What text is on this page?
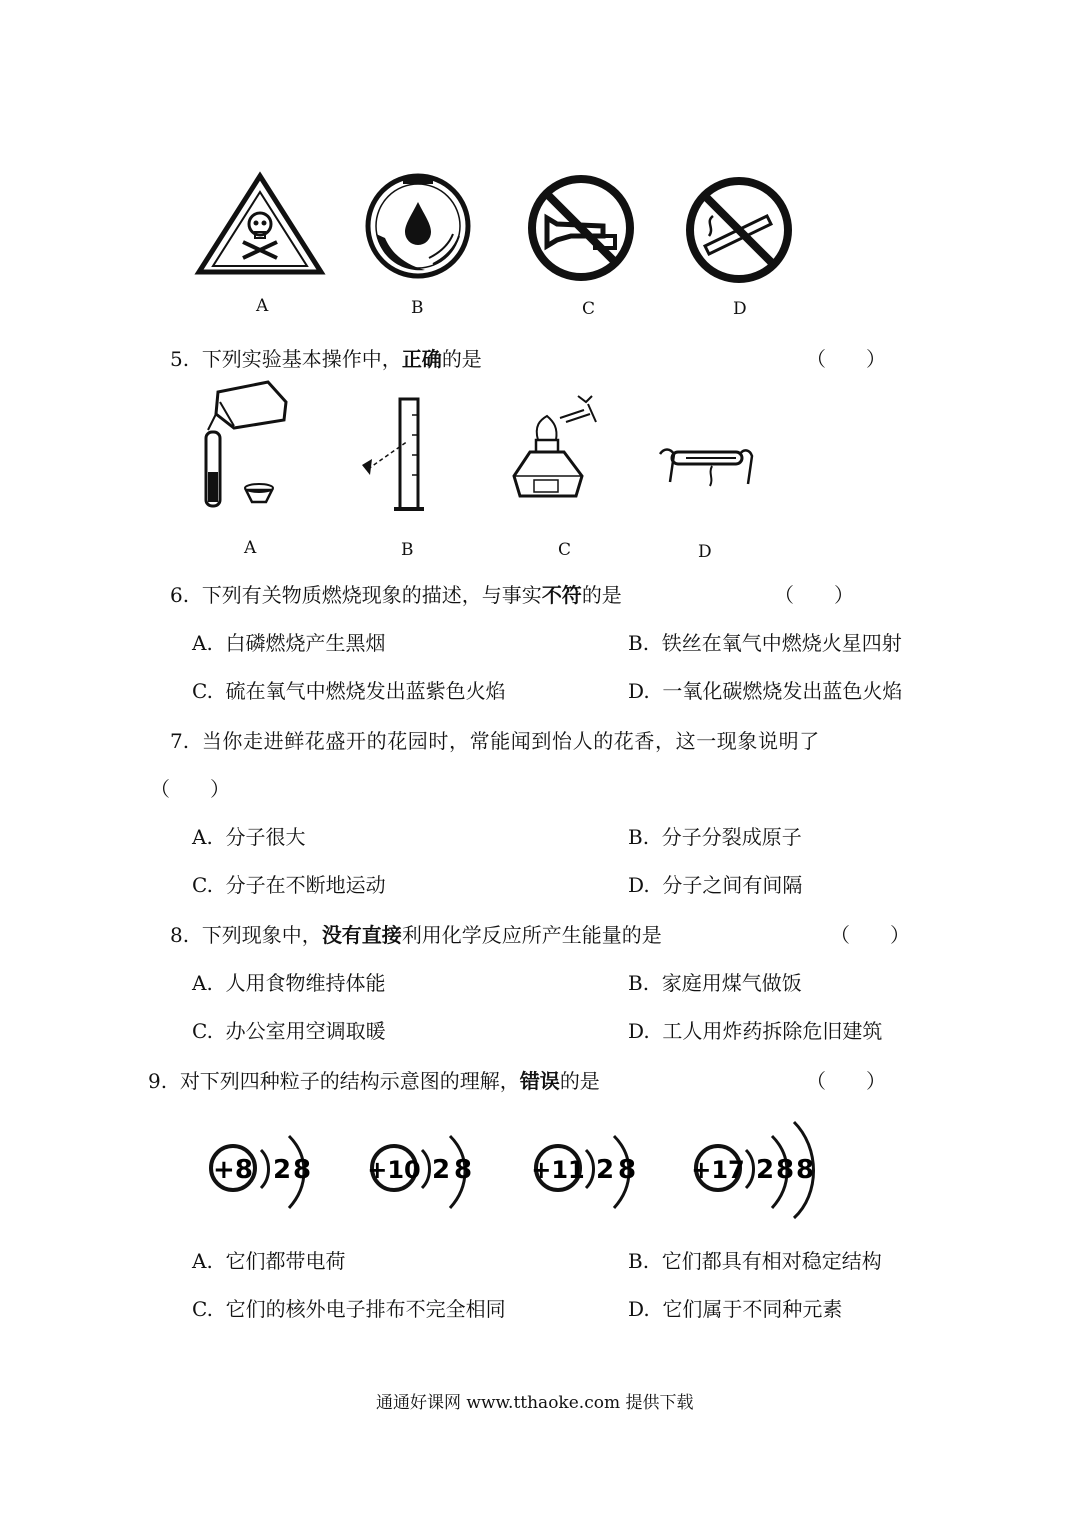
A	B	C	D
5. 下列实验基本操作中，正确的是	（　　）
A	B	C	D
6. 下列有关物质燃烧现象的描述，与事实不符的是	（　　）
A. 白磷燃烧产生黑烟	B. 铁丝在氧气中燃烧火星四射
C. 硫在氧气中燃烧发出蓝紫色火焰	D. 一氧化碳燃烧发出蓝色火焰
7. 当你走进鲜花盛开的花园时，常能闻到怡人的花香，这一现象说明了
（　　）
A. 分子很大	B. 分子分裂成原子
C. 分子在不断地运动	D. 分子之间有间隔
8. 下列现象中，没有直接利用化学反应所产生能量的是	（　　）
A. 人用食物维持体能	B. 家庭用煤气做饭
C. 办公室用空调取暖	D. 工人用炸药拆除危旧建筑
9. 对下列四种粒子的结构示意图的理解，错误的是	（　　）
+8 2 8 +10 2 8 +11 2 8 +17 2 8 8
A. 它们都带电荷	B. 它们都具有相对稳定结构
C. 它们的核外电子排布不完全相同	D. 它们属于不同种元素
通通好课网 www.tthaoke.com 提供下载
